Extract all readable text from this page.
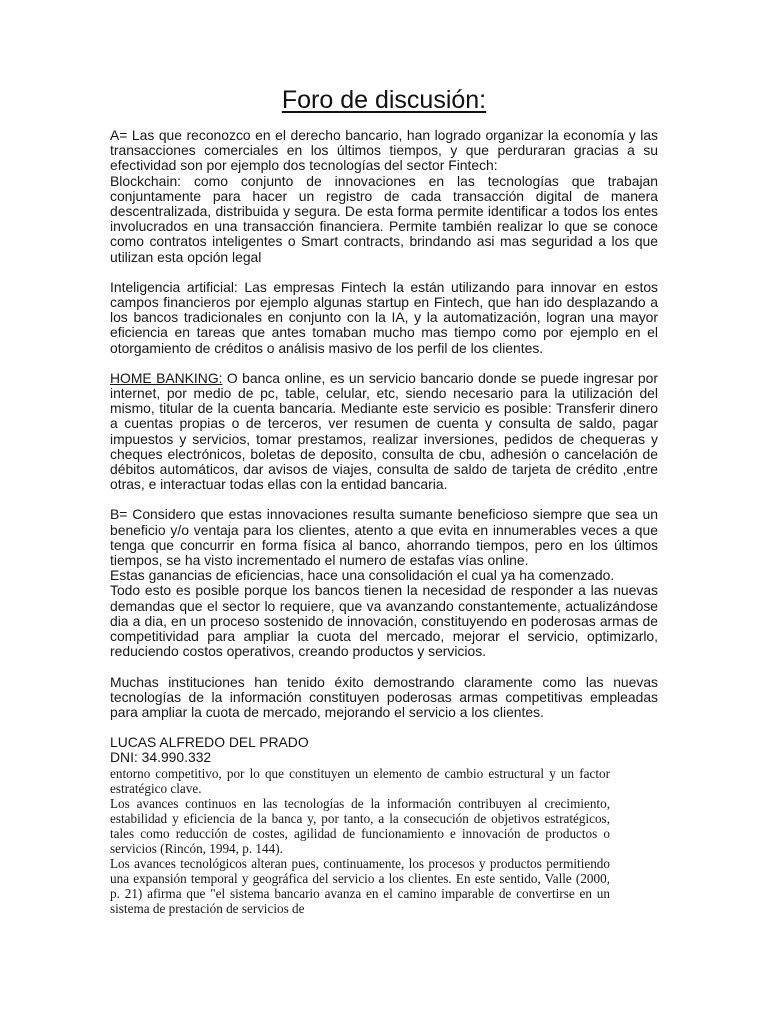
Foro de discusión:

A= Las que reconozco en el derecho bancario, han logrado organizar la economía y las transacciones comerciales en los últimos tiempos, y que perduraran gracias a su efectividad son por ejemplo dos tecnologías del sector Fintech:

Blockchain: como conjunto de innovaciones en las tecnologías que trabajan conjuntamente para hacer un registro de cada transacción digital de manera descentralizada, distribuida y segura. De esta forma permite identificar a todos los entes involucrados en una transacción financiera. Permite también realizar lo que se conoce como contratos inteligentes o Smart contracts, brindando asi mas seguridad a los que utilizan esta opción legal

Inteligencia artificial: Las empresas Fintech la están utilizando para innovar en estos campos financieros por ejemplo algunas startup en Fintech, que han ido desplazando a los bancos tradicionales en conjunto con la IA, y la automatización, logran una mayor eficiencia en tareas que antes tomaban mucho mas tiempo como por ejemplo en el otorgamiento de créditos o análisis masivo de los perfil de los clientes.

HOME BANKING: O banca online, es un servicio bancario donde se puede ingresar por internet, por medio de pc, table, celular, etc, siendo necesario para la utilización del mismo, titular de la cuenta bancaria. Mediante este servicio es posible: Transferir dinero a cuentas propias o de terceros, ver resumen de cuenta y consulta de saldo, pagar impuestos y servicios, tomar prestamos, realizar inversiones, pedidos de chequeras y cheques electrónicos, boletas de deposito, consulta de cbu, adhesión o cancelación de débitos automáticos, dar avisos de viajes, consulta de saldo de tarjeta de crédito ,entre otras, e interactuar todas ellas con la entidad bancaria.

B= Considero que estas innovaciones resulta sumante beneficioso siempre que sea un beneficio y/o ventaja para los clientes, atento a que evita en innumerables veces a que tenga que concurrir en forma física al banco, ahorrando tiempos, pero en los últimos tiempos, se ha visto incrementado el numero de estafas vías online.

Estas ganancias de eficiencias, hace una consolidación el cual ya ha comenzado.

Todo esto es posible porque los bancos tienen la necesidad de responder a las nuevas demandas que el sector lo requiere, que va avanzando constantemente, actualizándose dia a dia, en un proceso sostenido de innovación, constituyendo en poderosas armas de competitividad para ampliar la cuota del mercado, mejorar el servicio, optimizarlo, reduciendo costos operativos, creando productos y servicios.

Muchas instituciones han tenido éxito demostrando claramente como las nuevas tecnologías de la información constituyen poderosas armas competitivas empleadas para ampliar la cuota de mercado, mejorando el servicio a los clientes.

LUCAS ALFREDO DEL PRADO

DNI: 34.990.332

entorno competitivo, por lo que constituyen un elemento de cambio estructural y un factor estratégico clave.

Los avances continuos en las tecnologías de la información contribuyen al crecimiento, estabilidad y eficiencia de la banca y, por tanto, a la consecución de objetivos estratégicos, tales como reducción de costes, agilidad de funcionamiento e innovación de productos o servicios (Rincón, 1994, p. 144).

Los avances tecnológicos alteran pues, continuamente, los procesos y productos permitiendo una expansión temporal y geográfica del servicio a los clientes. En este sentido, Valle (2000, p. 21) afirma que "el sistema bancario avanza en el camino imparable de convertirse en un sistema de prestación de servicios de
